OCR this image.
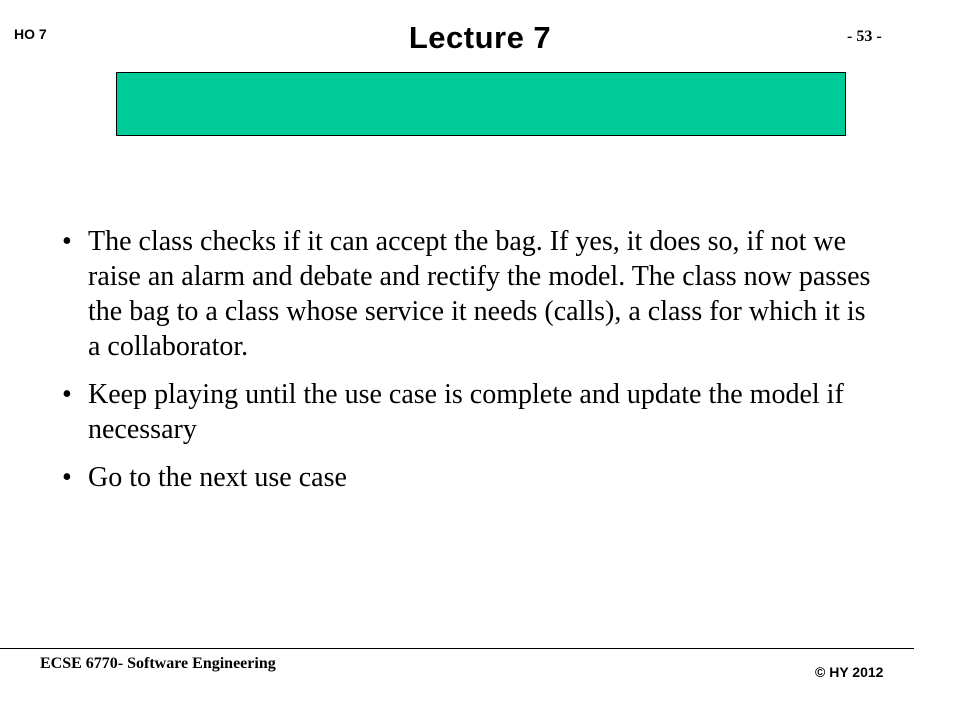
HO 7	Lecture 7	- 53 -
• The class checks if it can accept the bag. If yes, it does so, if not we raise an alarm and debate and rectify the model. The class now passes the bag to a class whose service it needs (calls), a class for which it is a collaborator.
• Keep playing until the use case is complete and update the model if necessary
• Go to the next use case
ECSE 6770- Software Engineering	© HY 2012
